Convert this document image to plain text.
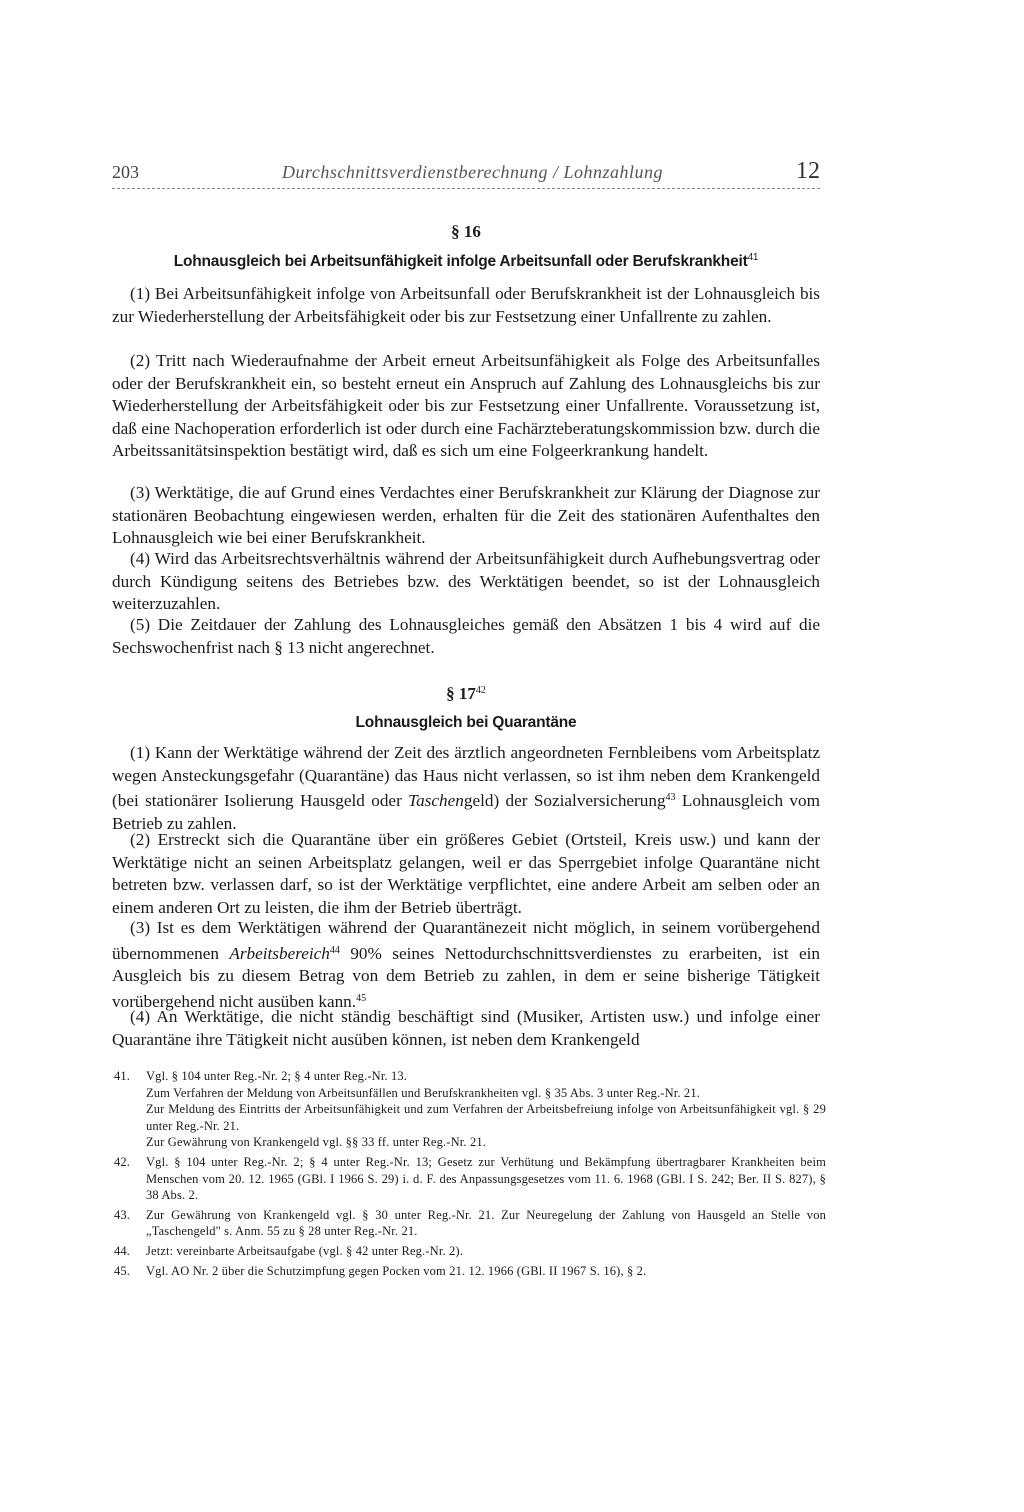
203	Durchschnittsverdienstberechnung / Lohnzahlung	12
§ 16
Lohnausgleich bei Arbeitsunfähigkeit infolge Arbeitsunfall oder Berufskrankheit$^{41}$

(1) Bei Arbeitsunfähigkeit infolge von Arbeitsunfall oder Berufskrankheit ist der Lohnausgleich bis zur Wiederherstellung der Arbeitsfähigkeit oder bis zur Festsetzung einer Unfallrente zu zahlen.

(2) Tritt nach Wiederaufnahme der Arbeit erneut Arbeitsunfähigkeit als Folge des Arbeitsunfalles oder der Berufskrankheit ein, so besteht erneut ein Anspruch auf Zahlung des Lohnausgleichs bis zur Wiederherstellung der Arbeitsfähigkeit oder bis zur Festsetzung einer Unfallrente. Voraussetzung ist, daß eine Nachoperation erforderlich ist oder durch eine Fachärzteberatungskommission bzw. durch die Arbeitssanitätsinspektion bestätigt wird, daß es sich um eine Folgeerkrankung handelt.

(3) Werktätige, die auf Grund eines Verdachtes einer Berufskrankheit zur Klärung der Diagnose zur stationären Beobachtung eingewiesen werden, erhalten für die Zeit des stationären Aufenthaltes den Lohnausgleich wie bei einer Berufskrankheit.

(4) Wird das Arbeitsrechtsverhältnis während der Arbeitsunfähigkeit durch Aufhebungsvertrag oder durch Kündigung seitens des Betriebes bzw. des Werktätigen beendet, so ist der Lohnausgleich weiterzuzahlen.

(5) Die Zeitdauer der Zahlung des Lohnausgleiches gemäß den Absätzen 1 bis 4 wird auf die Sechswochenfrist nach § 13 nicht angerechnet.

§ $17^{42}$
Lohnausgleich bei Quarantäne

(1) Kann der Werktätige während der Zeit des ärztlich angeordneten Fernbleibens vom Arbeitsplatz wegen Ansteckungsgefahr (Quarantäne) das Haus nicht verlassen, so ist ihm neben dem Krankengeld (bei stationärer Isolierung Hausgeld oder Taschengeld) der Sozialversicherung$^{43}$ Lohnausgleich vom Betrieb zu zahlen.

(2) Erstreckt sich die Quarantäne über ein größeres Gebiet (Ortsteil, Kreis usw.) und kann der Werktätige nicht an seinen Arbeitsplatz gelangen, weil er das Sperrgebiet infolge Quarantäne nicht betreten bzw. verlassen darf, so ist der Werktätige verpflichtet, eine andere Arbeit am selben oder an einem anderen Ort zu leisten, die ihm der Betrieb überträgt.

(3) Ist es dem Werktätigen während der Quarantänezeit nicht möglich, in seinem vorübergehend übernommenen Arbeitsbereich$^{44}$ 90% seines Nettodurchschnittsverdienstes zu erarbeiten, ist ein Ausgleich bis zu diesem Betrag von dem Betrieb zu zahlen, in dem er seine bisherige Tätigkeit vorübergehend nicht ausüben kann.$^{45}$

(4) An Werktätige, die nicht ständig beschäftigt sind (Musiker, Artisten usw.) und infolge einer Quarantäne ihre Tätigkeit nicht ausüben können, ist neben dem Krankengeld

41.	Vgl. § 104 unter Reg.-Nr. 2; § 4 unter Reg.-Nr. 13.
Zum Verfahren der Meldung von Arbeitsunfällen und Berufskrankheiten vgl. § 35 Abs. 3 unter Reg.-Nr. 21.
Zur Meldung des Eintritts der Arbeitsunfähigkeit und zum Verfahren der Arbeitsbefreiung infolge von Arbeitsunfähigkeit vgl. § 29 unter Reg.-Nr. 21.
Zur Gewährung von Krankengeld vgl. §§ 33 ff. unter Reg.-Nr. 21.
42.	Vgl. § 104 unter Reg.-Nr. 2; § 4 unter Reg.-Nr. 13; Gesetz zur Verhütung und Bekämpfung übertragbarer Krankheiten beim Menschen vom 20. 12. 1965 (GBl. I 1966 S. 29) i. d. F. des Anpassungsgesetzes vom 11. 6. 1968 (GBl. I S. 242; Ber. II S. 827), § 38 Abs. 2.
43.	Zur Gewährung von Krankengeld vgl. § 30 unter Reg.-Nr. 21. Zur Neuregelung der Zahlung von Hausgeld an Stelle von „Taschengeld" s. Anm. 55 zu § 28 unter Reg.-Nr. 21.
44.	Jetzt: vereinbarte Arbeitsaufgabe (vgl. § 42 unter Reg.-Nr. 2).
45.	Vgl. AO Nr. 2 über die Schutzimpfung gegen Pocken vom 21. 12. 1966 (GBl. II 1967 S. 16), § 2.
